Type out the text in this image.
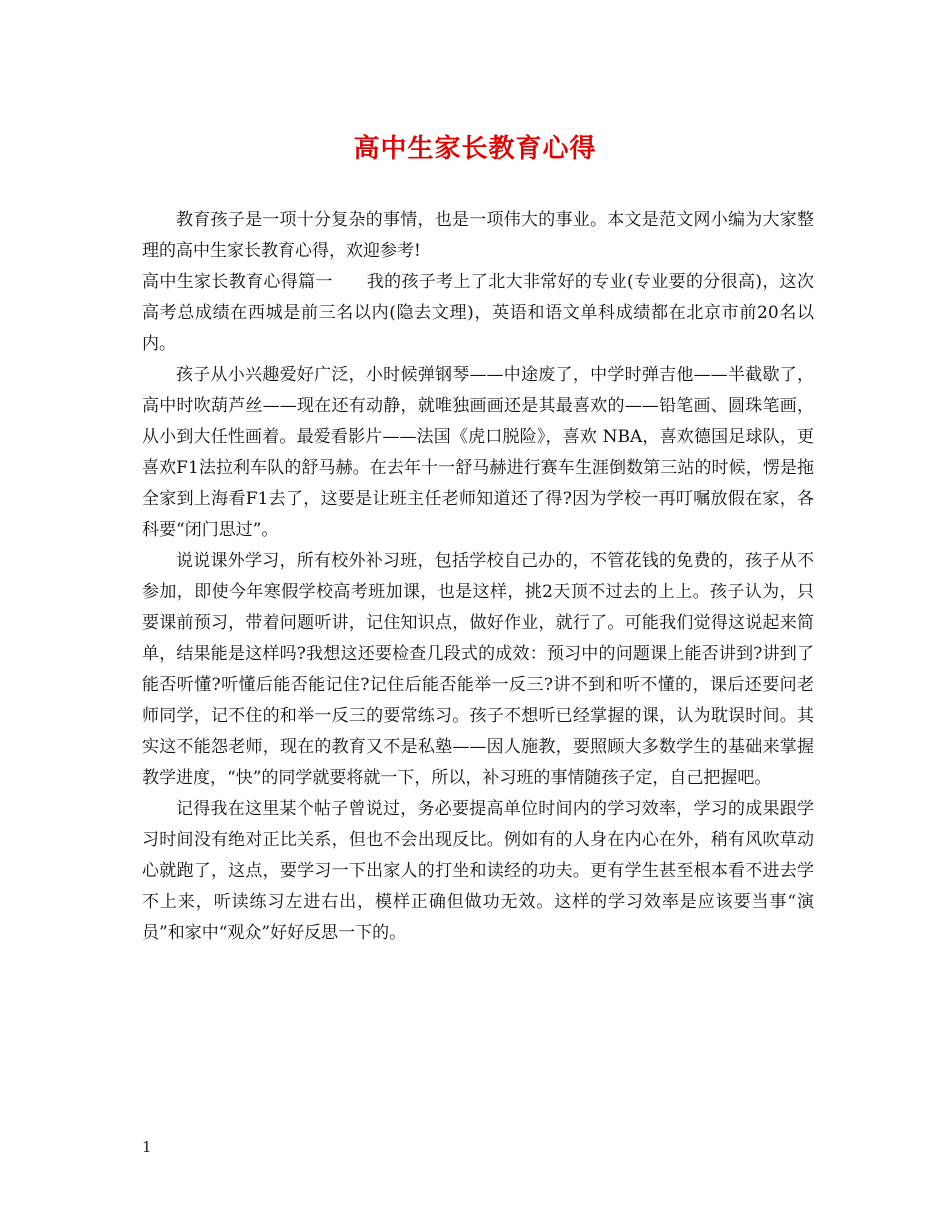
高中生家长教育心得

教育孩子是一项十分复杂的事情，也是一项伟大的事业。本文是范文网小编为大家整理的高中生家长教育心得，欢迎参考!

高中生家长教育心得篇一 我的孩子考上了北大非常好的专业(专业要的分很高)，这次高考总成绩在西城是前三名以内(隐去文理)，英语和语文单科成绩都在北京市前20名以内。

孩子从小兴趣爱好广泛，小时候弹钢琴——中途废了，中学时弹吉他——半截歇了，高中时吹葫芦丝——现在还有动静，就唯独画画还是其最喜欢的——铅笔画、圆珠笔画，从小到大任性画着。最爱看影片——法国《虎口脱险》，喜欢 NBA，喜欢德国足球队，更喜欢F1法拉利车队的舒马赫。在去年十一舒马赫进行赛车生涯倒数第三站的时候，愣是拖全家到上海看F1去了，这要是让班主任老师知道还了得?因为学校一再叮嘱放假在家，各科要“闭门思过”。

说说课外学习，所有校外补习班，包括学校自己办的，不管花钱的免费的，孩子从不参加，即使今年寒假学校高考班加课，也是这样，挑2天顶不过去的上上。孩子认为，只要课前预习，带着问题听讲，记住知识点，做好作业，就行了。可能我们觉得这说起来简单，结果能是这样吗?我想这还要检查几段式的成效：预习中的问题课上能否讲到?讲到了能否听懂?听懂后能否能记住?记住后能否能举一反三?讲不到和听不懂的，课后还要问老师同学，记不住的和举一反三的要常练习。孩子不想听已经掌握的课，认为耽误时间。其实这不能怨老师，现在的教育又不是私塾——因人施教，要照顾大多数学生的基础来掌握教学进度，“快”的同学就要将就一下，所以，补习班的事情随孩子定，自己把握吧。

记得我在这里某个帖子曾说过，务必要提高单位时间内的学习效率，学习的成果跟学习时间没有绝对正比关系，但也不会出现反比。例如有的人身在内心在外，稍有风吹草动心就跑了，这点，要学习一下出家人的打坐和读经的功夫。更有学生甚至根本看不进去学不上来，听读练习左进右出，模样正确但做功无效。这样的学习效率是应该要当事“演员”和家中“观众”好好反思一下的。

1
